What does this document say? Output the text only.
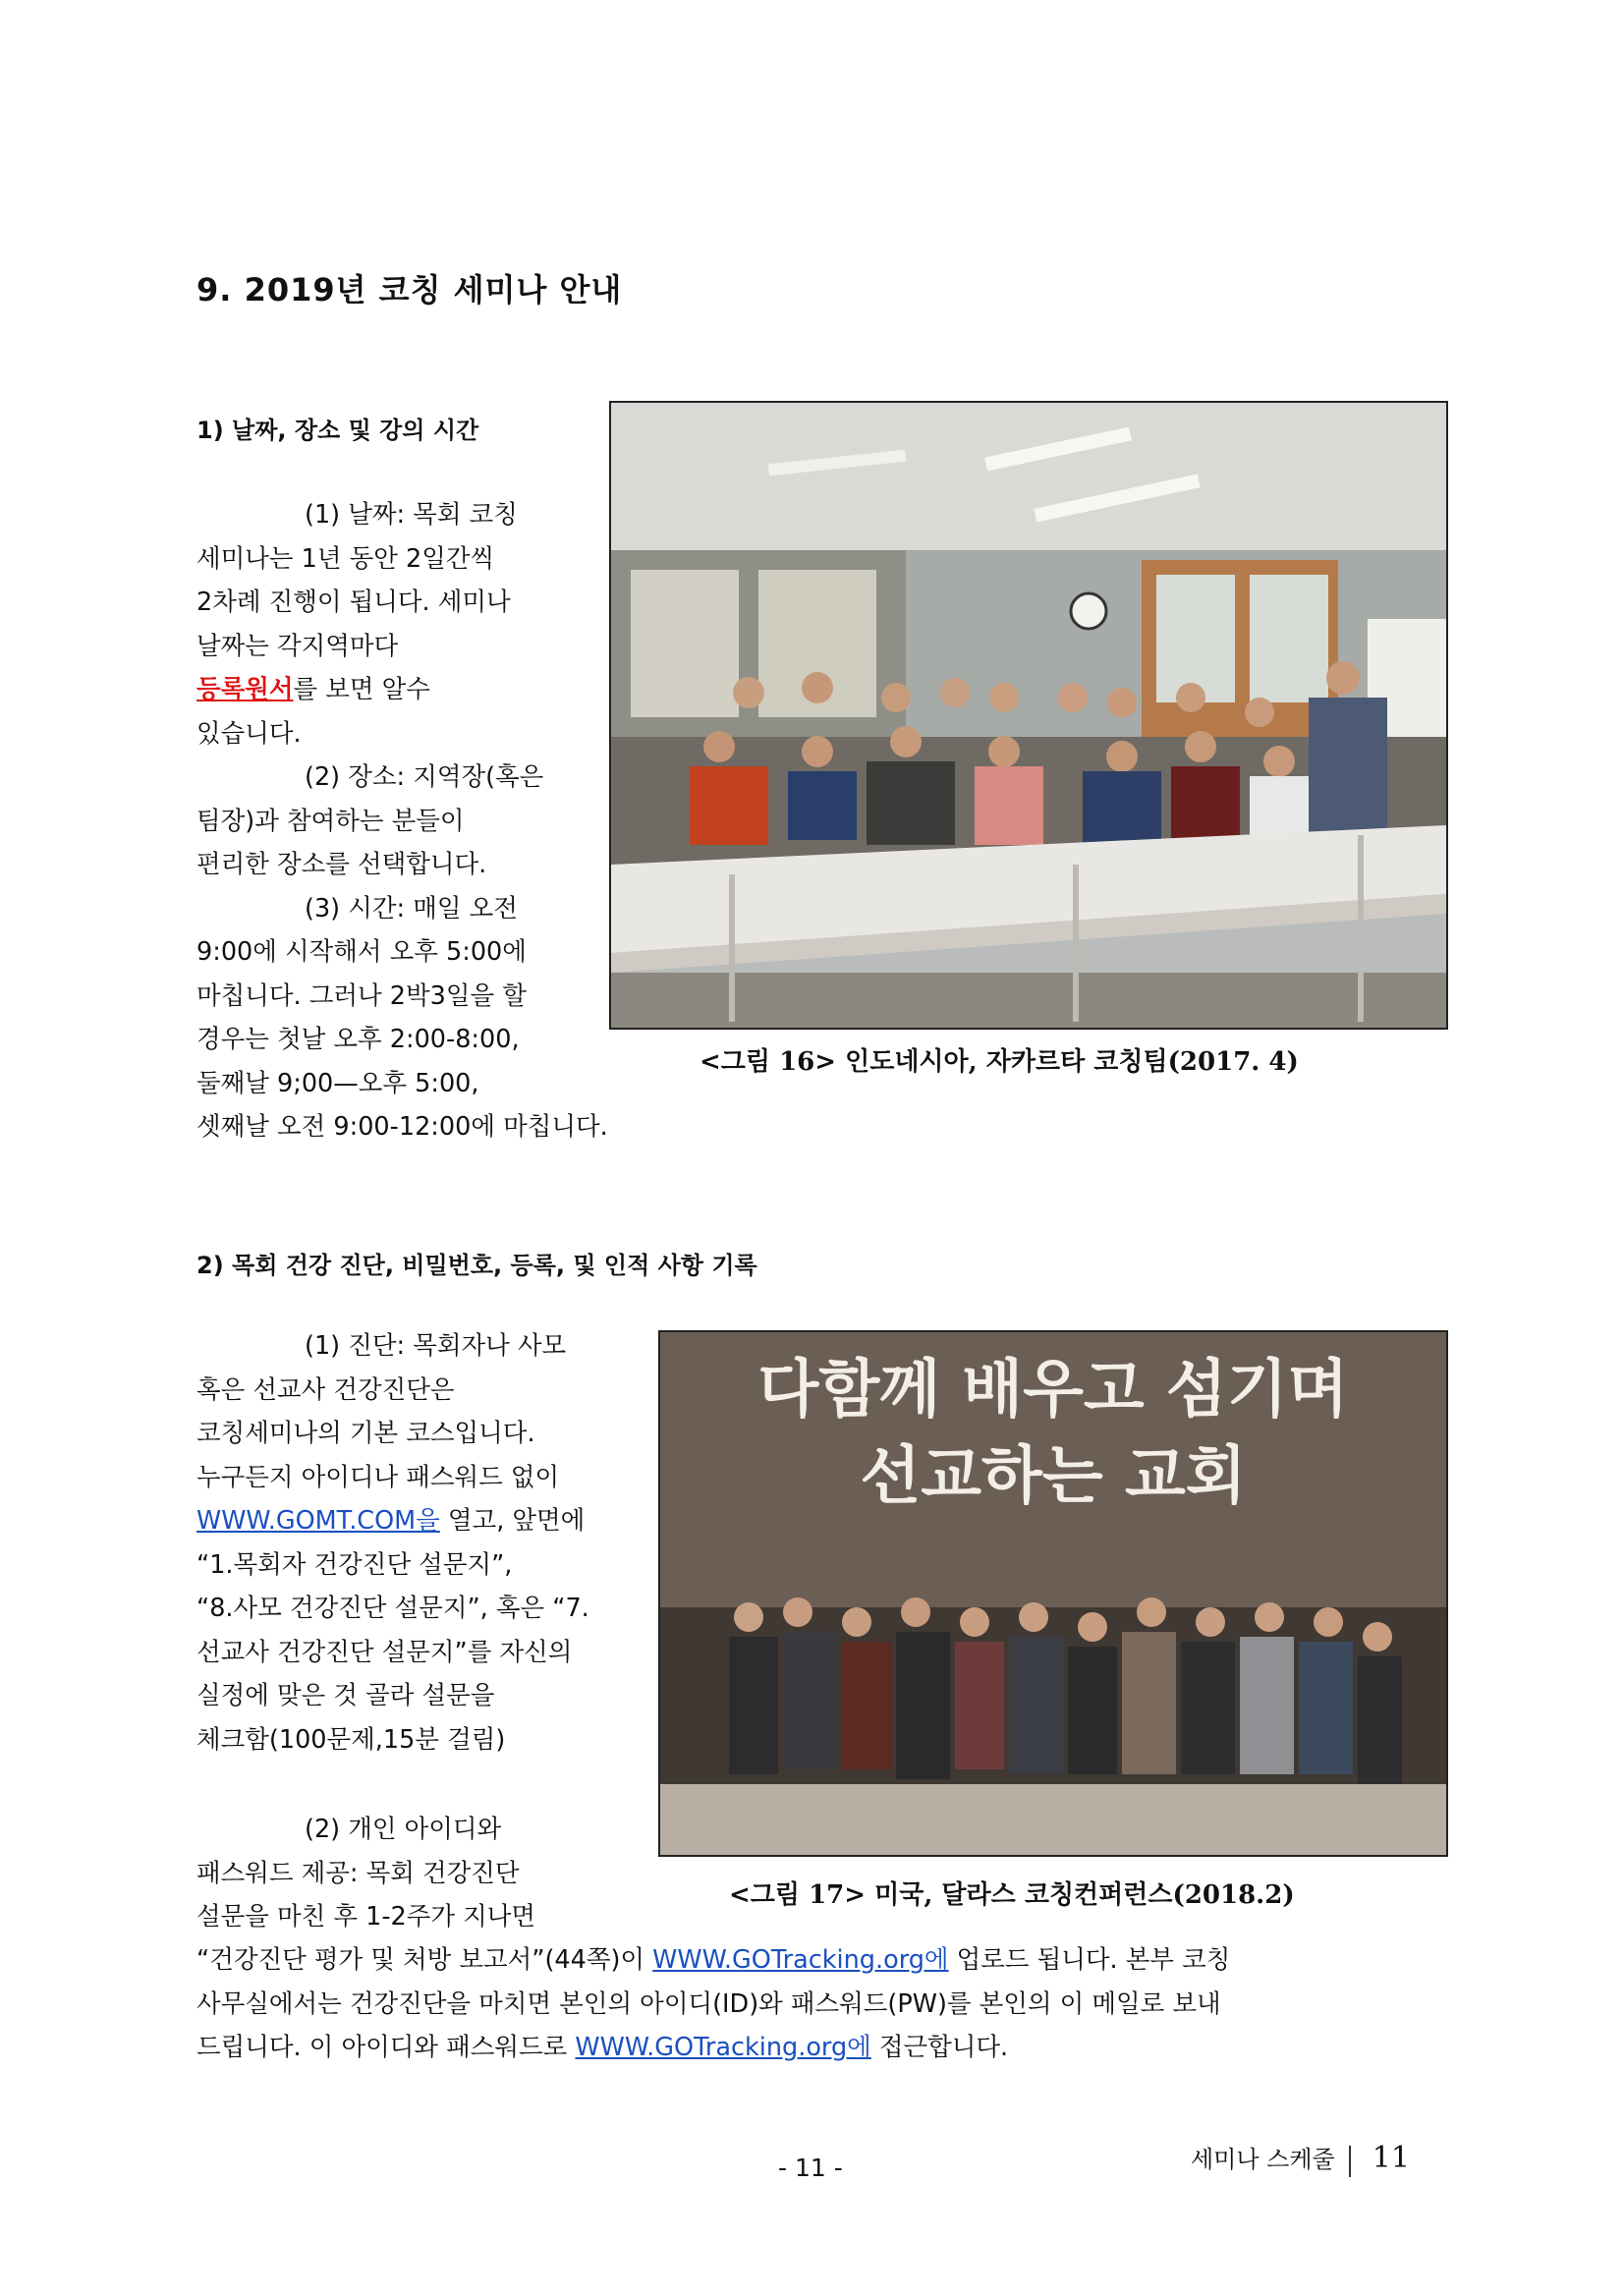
9. 2019년 코칭 세미나 안내
1) 날짜, 장소 및 강의 시간

(1) 날짜: 목회 코칭

세미나는 1년 동안 2일간씩

2차례 진행이 됩니다. 세미나

날짜는 각지역마다

등록원서를 보면 알수

있습니다.

(2) 장소: 지역장(혹은

팀장)과 참여하는 분들이

편리한 장소를 선택합니다.

(3) 시간: 매일 오전

9:00에 시작해서 오후 5:00에

마칩니다. 그러나 2박3일을 할

경우는 첫날 오후 2:00-8:00,

둘째날 9;00—오후 5:00,

셋째날 오전 9:00-12:00에 마칩니다.

<그림 16> 인도네시아, 자카르타 코칭팀(2017. 4)
2) 목회 건강 진단, 비밀번호, 등록, 및 인적 사항 기록

(1) 진단: 목회자나 사모

혹은 선교사 건강진단은

코칭세미나의 기본 코스입니다.

누구든지 아이디나 패스워드 없이

WWW.GOMT.COM을 열고, 앞면에

“1.목회자 건강진단 설문지”,

“8.사모 건강진단 설문지”, 혹은 “7.

선교사 건강진단 설문지”를 자신의

실정에 맞은 것 골라 설문을

체크함(100문제,15분 걸림)

(2) 개인 아이디와

패스워드 제공: 목회 건강진단

설문을 마친 후 1-2주가 지나면

“건강진단 평가 및 처방 보고서”(44쪽)이 WWW.GOTracking.org에 업로드 됩니다. 본부 코칭

사무실에서는 건강진단을 마치면 본인의 아이디(ID)와 패스워드(PW)를 본인의 이 메일로 보내

드립니다. 이 아이디와 패스워드로 WWW.GOTracking.org에 접근합니다.

다함께 배우고 섬기며
선교하는 교회
<그림 17> 미국, 달라스 코칭컨퍼런스(2018.2)
- 11 -	세미나 스케줄 11
